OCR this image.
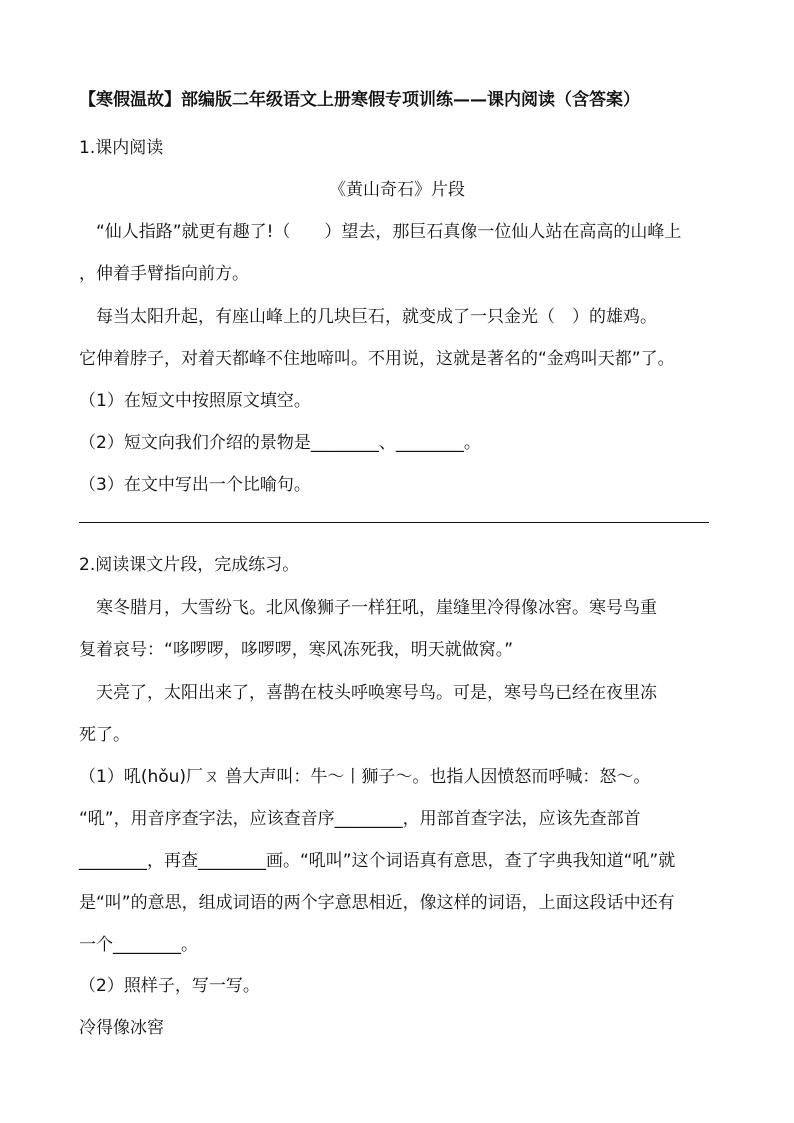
【寒假温故】部编版二年级语文上册寒假专项训练——课内阅读（含答案）
1.课内阅读
《黄山奇石》片段
“仙人指路”就更有趣了!（　　）望去，那巨石真像一位仙人站在高高的山峰上
，伸着手臂指向前方。
每当太阳升起，有座山峰上的几块巨石，就变成了一只金光（　）的雄鸡。
它伸着脖子，对着天都峰不住地啼叫。不用说，这就是著名的“金鸡叫天都”了。
（1）在短文中按照原文填空。
（2）短文向我们介绍的景物是________、________。
（3）在文中写出一个比喻句。
2.阅读课文片段，完成练习。
寒冬腊月，大雪纷飞。北风像狮子一样狂吼，崖缝里冷得像冰窖。寒号鸟重
复着哀号：“哆啰啰，哆啰啰，寒风冻死我，明天就做窝。”
天亮了，太阳出来了，喜鹊在枝头呼唤寒号鸟。可是，寒号鸟已经在夜里冻
死了。
（1）吼(hǒu)厂ㄡ 兽大声叫：牛～丨狮子～。也指人因愤怒而呼喊：怒～。
“吼”，用音序查字法，应该查音序________，用部首查字法，应该先查部首
________，再查________画。“吼叫”这个词语真有意思，查了字典我知道“吼”就
是“叫”的意思，组成词语的两个字意思相近，像这样的词语，上面这段话中还有
一个________。
（2）照样子，写一写。
冷得像冰窖
